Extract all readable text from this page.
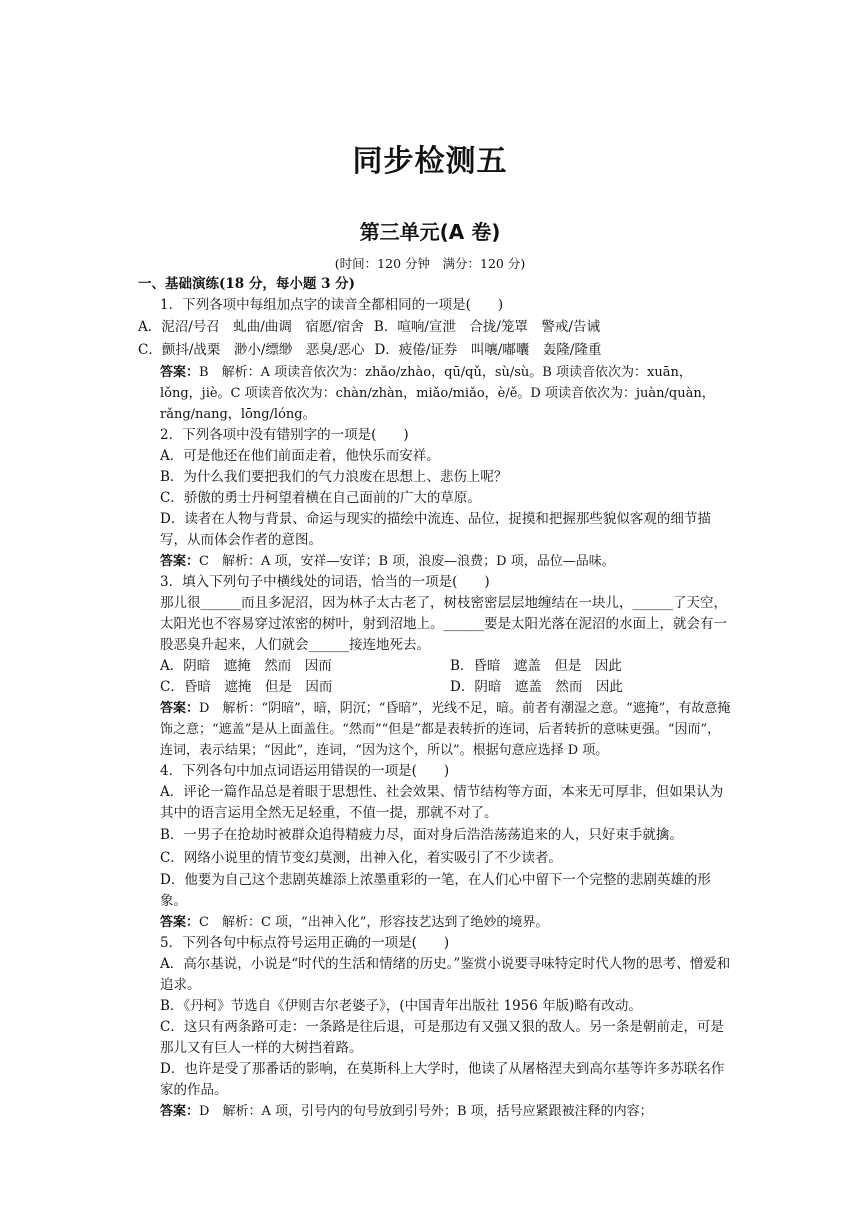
同步检测五
第三单元(A 卷)
(时间：120 分钟　满分：120 分)
一、基础演练(18 分，每小题 3 分)
1．下列各项中每组加点字的读音全都相同的一项是(　　)
A．泥沼/号召　虬曲/曲调　宿愿/宿舍 B．喧响/宣泄　合拢/笼罩　警戒/告诫
C．颤抖/战栗　渺小/缥缈　恶臭/恶心 D．疲倦/证券　叫嚷/嘟囔　轰隆/隆重
答案：B　解析：A 项读音依次为：zhǎo/zhào，qū/qǔ，sù/sù。B 项读音依次为：xuān，lǒng，jiè。C 项读音依次为：chàn/zhàn，miǎo/miǎo，è/ě。D 项读音依次为：juàn/quàn，rǎng/nang，lōng/lóng。
2．下列各项中没有错别字的一项是(　　)
A．可是他还在他们前面走着，他快乐而安祥。
B．为什么我们要把我们的气力浪废在思想上、悲伤上呢？
C．骄傲的勇士丹柯望着横在自己面前的广大的草原。
D．读者在人物与背景、命运与现实的描绘中流连、品位，捉摸和把握那些貌似客观的细节描写，从而体会作者的意图。
答案：C　解析：A 项，安祥—安详；B 项，浪废—浪费；D 项，品位—品味。
3．填入下列句子中横线处的词语，恰当的一项是(　　)
那儿很______而且多泥沼，因为林子太古老了，树枝密密层层地缠结在一块儿，______了天空，太阳光也不容易穿过浓密的树叶，射到沼地上。______要是太阳光落在泥沼的水面上，就会有一股恶臭升起来，人们就会______接连地死去。
A．阴暗　遮掩　然而　因而	B．昏暗　遮盖　但是　因此
C．昏暗　遮掩　但是　因而	D．阴暗　遮盖　然而　因此
答案：D　解析：“阴暗”，暗，阴沉；“昏暗”，光线不足，暗。前者有潮湿之意。“遮掩”，有故意掩饰之意；“遮盖”是从上面盖住。“然而”“但是”都是表转折的连词，后者转折的意味更强。“因而”，连词，表示结果；“因此”，连词，“因为这个，所以”。根据句意应选择 D 项。
4．下列各句中加点词语运用错误的一项是(　　)
A．评论一篇作品总是着眼于思想性、社会效果、情节结构等方面，本来无可厚非，但如果认为其中的语言运用全然无足轻重，不值一提，那就不对了。
B．一男子在抢劫时被群众追得精疲力尽，面对身后浩浩荡荡追来的人，只好束手就擒。
C．网络小说里的情节变幻莫测，出神入化，着实吸引了不少读者。
D．他要为自己这个悲剧英雄添上浓墨重彩的一笔，在人们心中留下一个完整的悲剧英雄的形象。
答案：C　解析：C 项，“出神入化”，形容技艺达到了绝妙的境界。
5．下列各句中标点符号运用正确的一项是(　　)
A．高尔基说，小说是“时代的生活和情绪的历史。”鉴赏小说要寻味特定时代人物的思考、憎爱和追求。
B．《丹柯》节选自《伊则吉尔老婆子》，(中国青年出版社 1956 年版)略有改动。
C．这只有两条路可走：一条路是往后退，可是那边有又强又狠的敌人。另一条是朝前走，可是那儿又有巨人一样的大树挡着路。
D．也许是受了那番话的影响，在莫斯科上大学时，他读了从屠格涅夫到高尔基等许多苏联名作家的作品。
答案：D　解析：A 项，引号内的句号放到引号外；B 项，括号应紧跟被注释的内容；
